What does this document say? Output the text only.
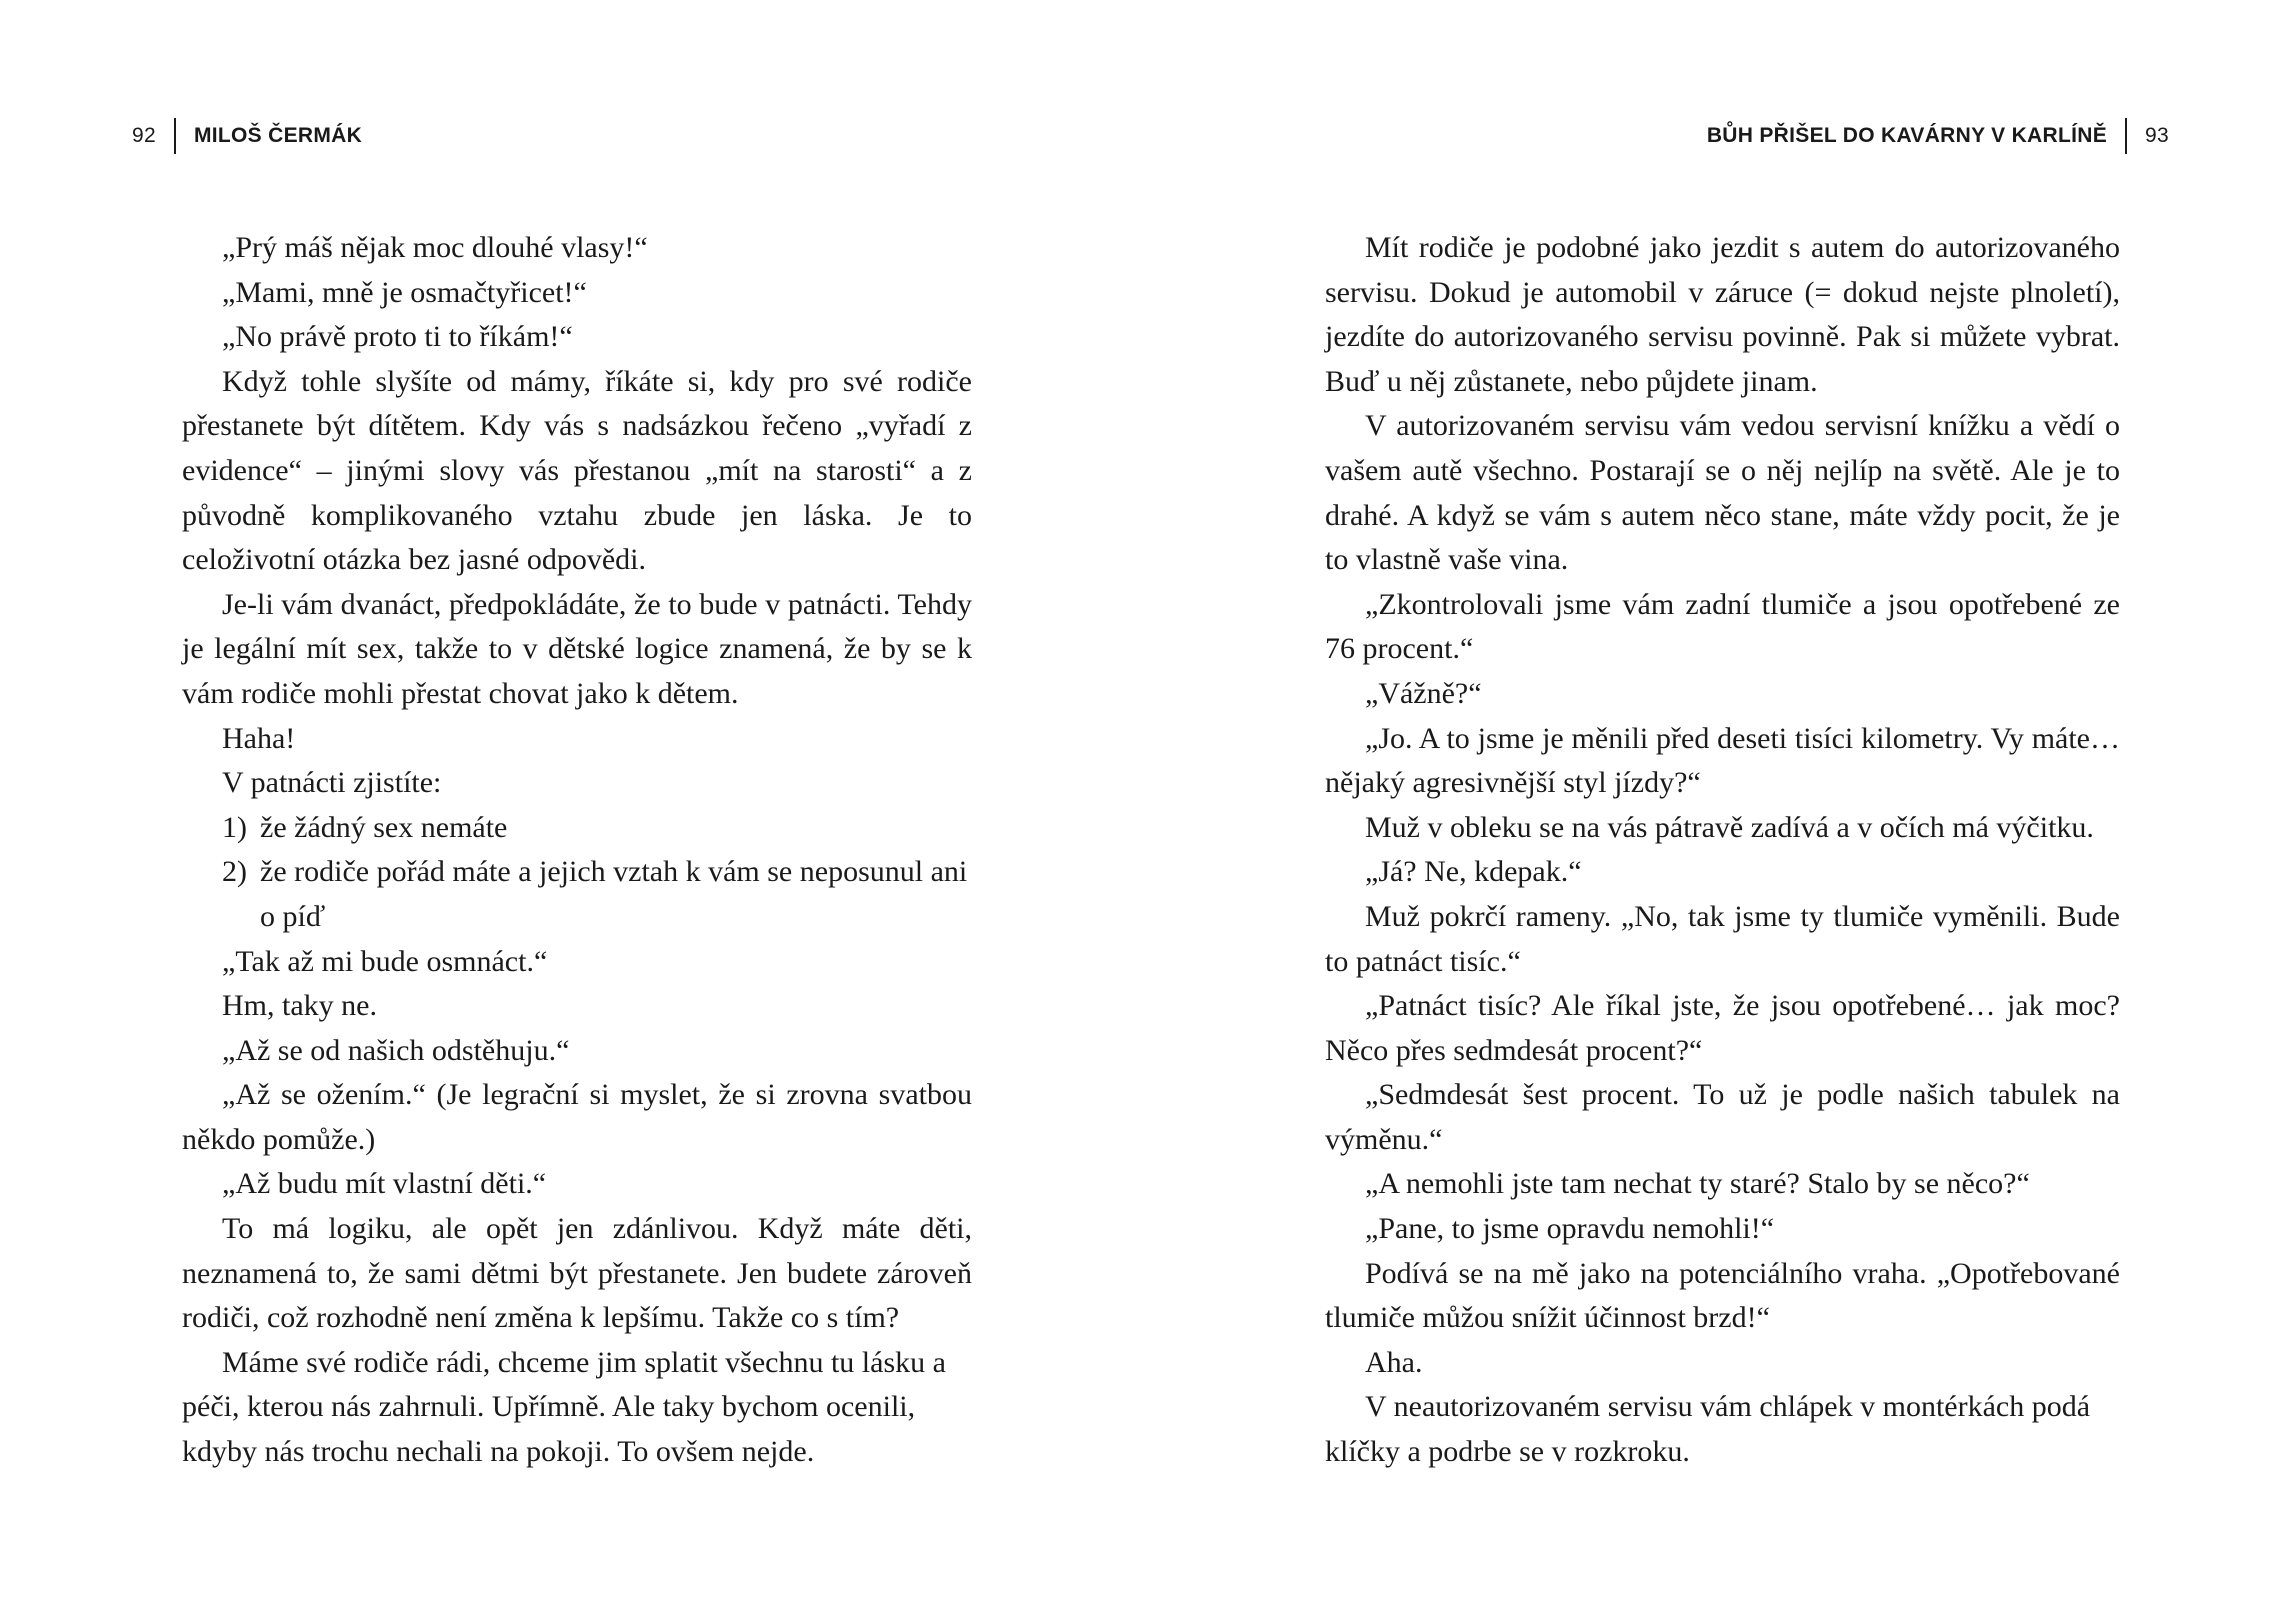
92 MILOŠ ČERMÁK

„Prý máš nějak moc dlouhé vlasy!“

„Mami, mně je osmačtyřicet!“

„No právě proto ti to říkám!“

Když tohle slyšíte od mámy, říkáte si, kdy pro své rodiče přestanete být dítětem. Kdy vás s nadsázkou řečeno „vyřadí z evidence“ – jinými slovy vás přestanou „mít na starosti“ a z původně komplikovaného vztahu zbude jen láska. Je to celoživotní otázka bez jasné odpovědi.

Je-li vám dvanáct, předpokládáte, že to bude v patnácti. Tehdy je legální mít sex, takže to v dětské logice znamená, že by se k vám rodiče mohli přestat chovat jako k dětem.

Haha!

V patnácti zjistíte:

1) že žádný sex nemáte
2) že rodiče pořád máte a jejich vztah k vám se neposunul ani o píď

„Tak až mi bude osmnáct.“

Hm, taky ne.

„Až se od našich odstěhuju.“

„Až se ožením.“ (Je legrační si myslet, že si zrovna svatbou někdo pomůže.)

„Až budu mít vlastní děti.“

To má logiku, ale opět jen zdánlivou. Když máte děti, neznamená to, že sami dětmi být přestanete. Jen budete zároveň rodiči, což rozhodně není změna k lepšímu. Takže co s tím?

Máme své rodiče rádi, chceme jim splatit všechnu tu lásku a péči, kterou nás zahrnuli. Upřímně. Ale taky bychom ocenili, kdyby nás trochu nechali na pokoji. To ovšem nejde.

BŮH PŘIŠEL DO KAVÁRNY V KARLÍNĚ 93

Mít rodiče je podobné jako jezdit s autem do autorizovaného servisu. Dokud je automobil v záruce (= dokud nejste plnoletí), jezdíte do autorizovaného servisu povinně. Pak si můžete vybrat. Buď u něj zůstanete, nebo půjdete jinam.

V autorizovaném servisu vám vedou servisní knížku a vědí o vašem autě všechno. Postarají se o něj nejlíp na světě. Ale je to drahé. A když se vám s autem něco stane, máte vždy pocit, že je to vlastně vaše vina.

„Zkontrolovali jsme vám zadní tlumiče a jsou opotřebené ze 76 procent.“

„Vážně?“

„Jo. A to jsme je měnili před deseti tisíci kilometry. Vy máte… nějaký agresivnější styl jízdy?“

Muž v obleku se na vás pátravě zadívá a v očích má výčitku.

„Já? Ne, kdepak.“

Muž pokrčí rameny. „No, tak jsme ty tlumiče vyměnili. Bude to patnáct tisíc.“

„Patnáct tisíc? Ale říkal jste, že jsou opotřebené… jak moc? Něco přes sedmdesát procent?“

„Sedmdesát šest procent. To už je podle našich tabulek na výměnu.“

„A nemohli jste tam nechat ty staré? Stalo by se něco?“

„Pane, to jsme opravdu nemohli!“

Podívá se na mě jako na potenciálního vraha. „Opotřebované tlumiče můžou snížit účinnost brzd!“

Aha.

V neautorizovaném servisu vám chlápek v montérkách podá klíčky a podrbe se v rozkroku.
